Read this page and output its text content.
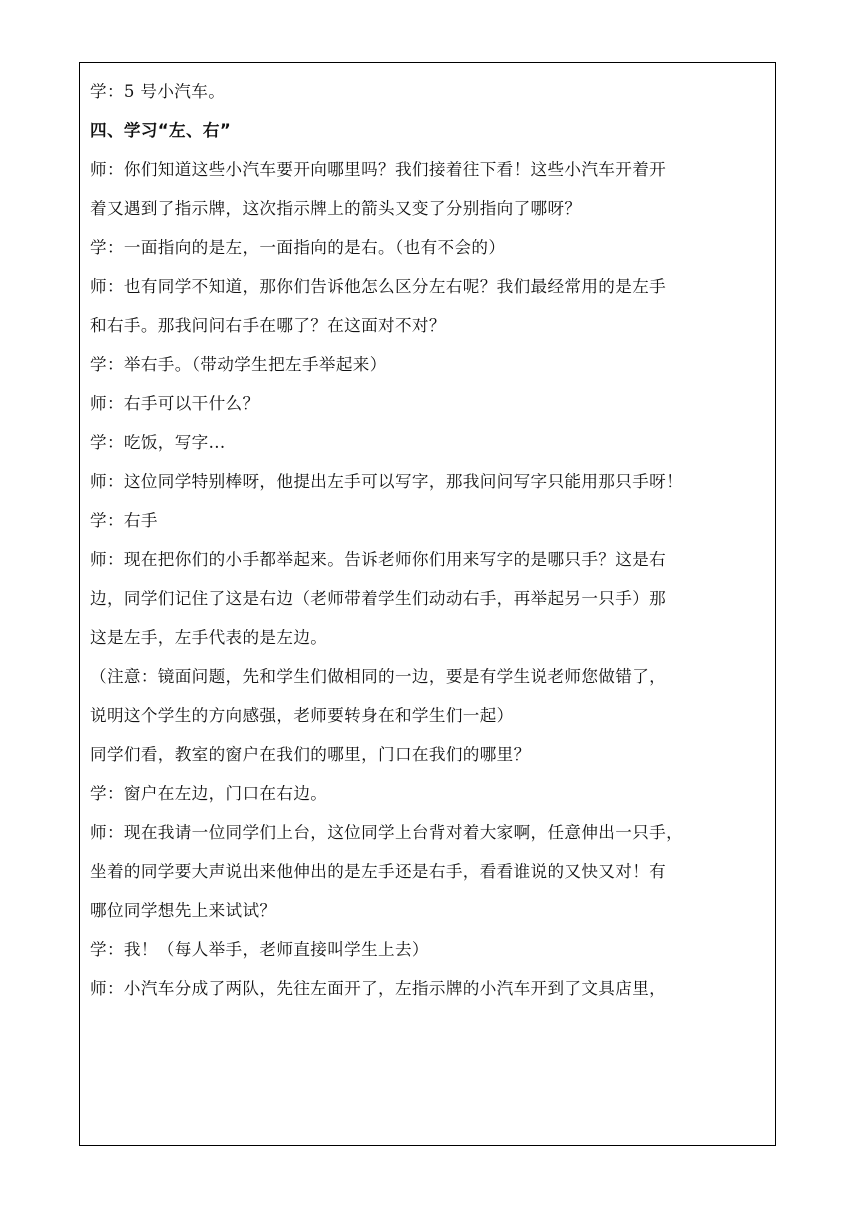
学：5 号小汽车。
四、学习“左、右”
师：你们知道这些小汽车要开向哪里吗？我们接着往下看！这些小汽车开着开
着又遇到了指示牌，这次指示牌上的箭头又变了分别指向了哪呀？
学：一面指向的是左，一面指向的是右。（也有不会的）
师：也有同学不知道，那你们告诉他怎么区分左右呢？我们最经常用的是左手
和右手。那我问问右手在哪了？在这面对不对？
学：举右手。（带动学生把左手举起来）
师：右手可以干什么？
学：吃饭，写字...
师：这位同学特别棒呀，他提出左手可以写字，那我问问写字只能用那只手呀！
学：右手
师：现在把你们的小手都举起来。告诉老师你们用来写字的是哪只手？这是右
边，同学们记住了这是右边（老师带着学生们动动右手，再举起另一只手）那
这是左手，左手代表的是左边。
（注意：镜面问题，先和学生们做相同的一边，要是有学生说老师您做错了，
说明这个学生的方向感强，老师要转身在和学生们一起）
同学们看，教室的窗户在我们的哪里，门口在我们的哪里？
学：窗户在左边，门口在右边。
师：现在我请一位同学们上台，这位同学上台背对着大家啊，任意伸出一只手，
坐着的同学要大声说出来他伸出的是左手还是右手，看看谁说的又快又对！有
哪位同学想先上来试试？
学：我！（每人举手，老师直接叫学生上去）
师：小汽车分成了两队，先往左面开了，左指示牌的小汽车开到了文具店里，
